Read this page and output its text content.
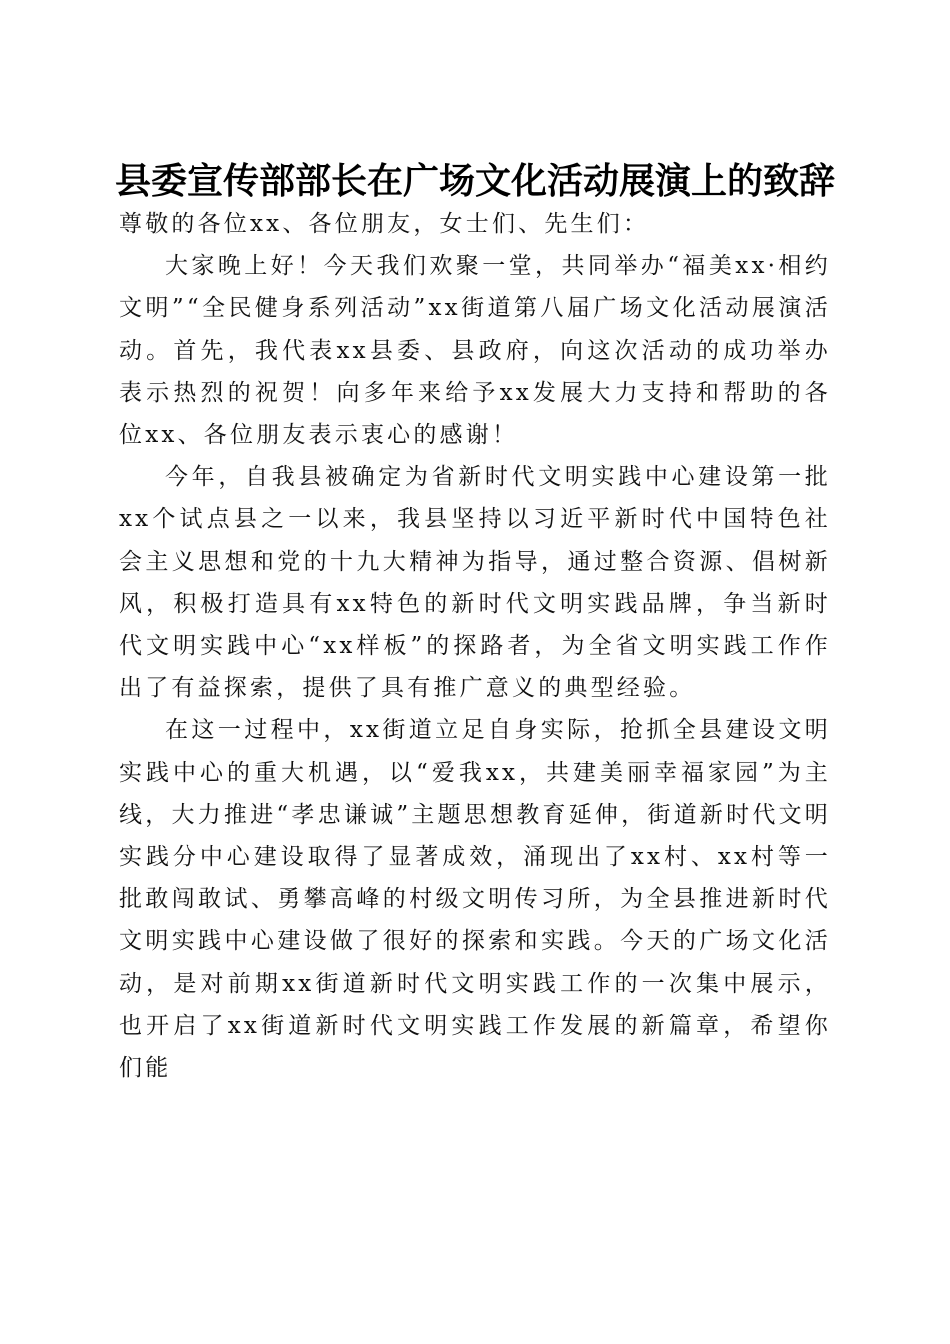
县委宣传部部长在广场文化活动展演上的致辞

尊敬的各位xx、各位朋友，女士们、先生们：

大家晚上好！今天我们欢聚一堂，共同举办“福美xx·相约文明”“全民健身系列活动”xx街道第八届广场文化活动展演活动。首先，我代表xx县委、县政府，向这次活动的成功举办表示热烈的祝贺！向多年来给予xx发展大力支持和帮助的各位xx、各位朋友表示衷心的感谢！

今年，自我县被确定为省新时代文明实践中心建设第一批xx个试点县之一以来，我县坚持以习近平新时代中国特色社会主义思想和党的十九大精神为指导，通过整合资源、倡树新风，积极打造具有xx特色的新时代文明实践品牌，争当新时代文明实践中心“xx样板”的探路者，为全省文明实践工作作出了有益探索，提供了具有推广意义的典型经验。

在这一过程中，xx街道立足自身实际，抢抓全县建设文明实践中心的重大机遇，以“爱我xx，共建美丽幸福家园”为主线，大力推进“孝忠谦诚”主题思想教育延伸，街道新时代文明实践分中心建设取得了显著成效，涌现出了xx村、xx村等一批敢闯敢试、勇攀高峰的村级文明传习所，为全县推进新时代文明实践中心建设做了很好的探索和实践。今天的广场文化活动，是对前期xx街道新时代文明实践工作的一次集中展示，也开启了xx街道新时代文明实践工作发展的新篇章，希望你们能
